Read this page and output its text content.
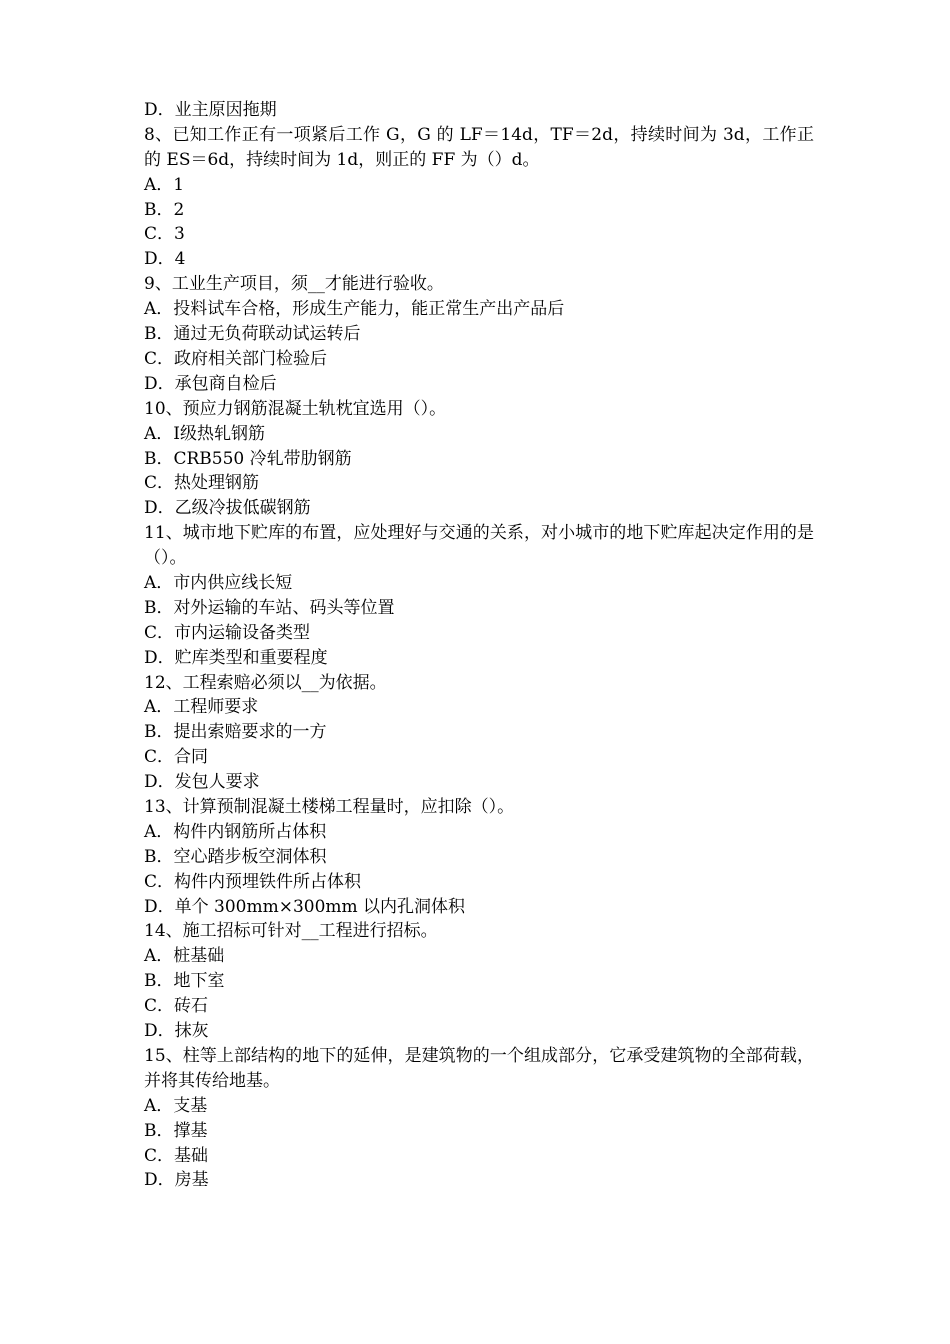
D．业主原因拖期
8、已知工作正有一项紧后工作 G，G 的 LF＝14d，TF＝2d，持续时间为 3d，工作正的 ES＝6d，持续时间为 1d，则正的 FF 为（）d。
A．1
B．2
C．3
D．4
9、工业生产项目，须__才能进行验收。
A．投料试车合格，形成生产能力，能正常生产出产品后
B．通过无负荷联动试运转后
C．政府相关部门检验后
D．承包商自检后
10、预应力钢筋混凝土轨枕宜选用（）。
A．Ⅰ级热轧钢筋
B．CRB550 冷轧带肋钢筋
C．热处理钢筋
D．乙级冷拔低碳钢筋
11、城市地下贮库的布置，应处理好与交通的关系，对小城市的地下贮库起决定作用的是（）。
A．市内供应线长短
B．对外运输的车站、码头等位置
C．市内运输设备类型
D．贮库类型和重要程度
12、工程索赔必须以__为依据。
A．工程师要求
B．提出索赔要求的一方
C．合同
D．发包人要求
13、计算预制混凝土楼梯工程量时，应扣除（）。
A．构件内钢筋所占体积
B．空心踏步板空洞体积
C．构件内预埋铁件所占体积
D．单个 300mm×300mm 以内孔洞体积
14、施工招标可针对__工程进行招标。
A．桩基础
B．地下室
C．砖石
D．抹灰
15、柱等上部结构的地下的延伸，是建筑物的一个组成部分，它承受建筑物的全部荷载，并将其传给地基。
A．支基
B．撑基
C．基础
D．房基
